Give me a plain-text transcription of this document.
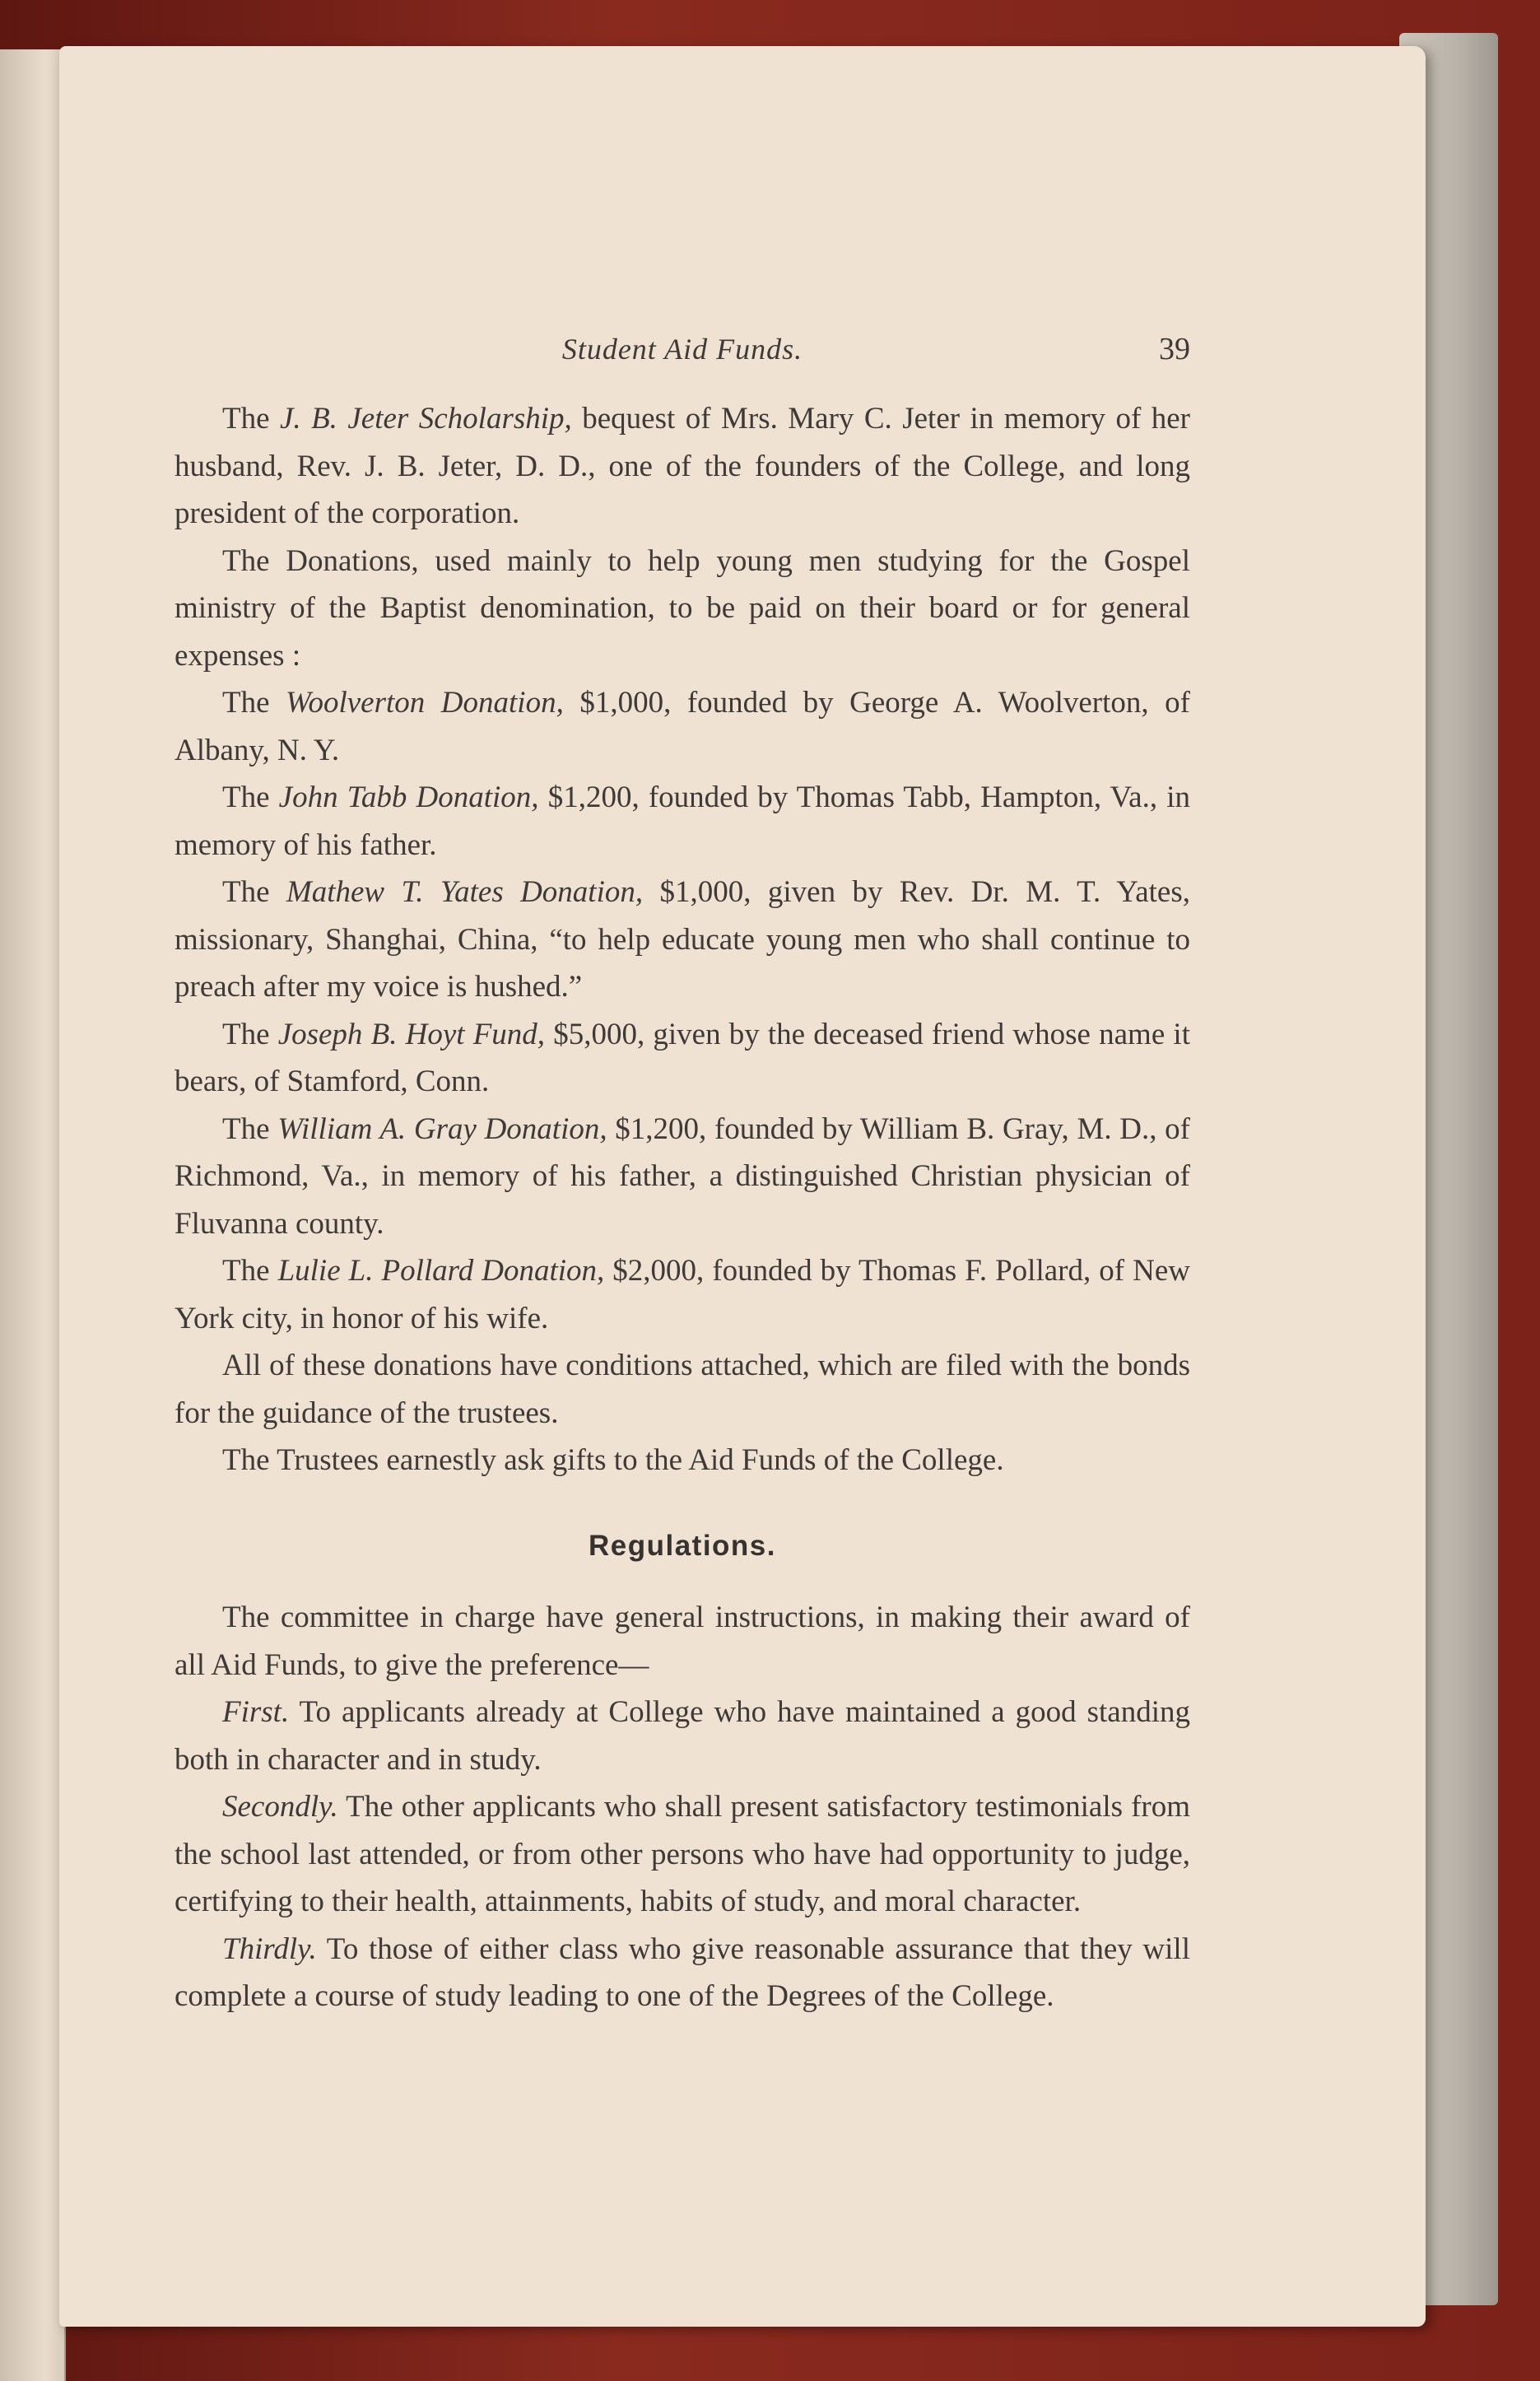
Student Aid Funds.	39

The J. B. Jeter Scholarship, bequest of Mrs. Mary C. Jeter in memory of her husband, Rev. J. B. Jeter, D. D., one of the founders of the College, and long president of the corporation.

The Donations, used mainly to help young men studying for the Gospel ministry of the Baptist denomination, to be paid on their board or for general expenses :

The Woolverton Donation, $1,000, founded by George A. Woolverton, of Albany, N. Y.

The John Tabb Donation, $1,200, founded by Thomas Tabb, Hampton, Va., in memory of his father.

The Mathew T. Yates Donation, $1,000, given by Rev. Dr. M. T. Yates, missionary, Shanghai, China, “to help educate young men who shall continue to preach after my voice is hushed.”

The Joseph B. Hoyt Fund, $5,000, given by the deceased friend whose name it bears, of Stamford, Conn.

The William A. Gray Donation, $1,200, founded by William B. Gray, M. D., of Richmond, Va., in memory of his father, a distinguished Christian physician of Fluvanna county.

The Lulie L. Pollard Donation, $2,000, founded by Thomas F. Pollard, of New York city, in honor of his wife.

All of these donations have conditions attached, which are filed with the bonds for the guidance of the trustees.

The Trustees earnestly ask gifts to the Aid Funds of the College.

Regulations.

The committee in charge have general instructions, in making their award of all Aid Funds, to give the preference—

First. To applicants already at College who have maintained a good standing both in character and in study.

Secondly. The other applicants who shall present satisfactory testimonials from the school last attended, or from other persons who have had opportunity to judge, certifying to their health, attainments, habits of study, and moral character.

Thirdly. To those of either class who give reasonable assurance that they will complete a course of study leading to one of the Degrees of the College.
